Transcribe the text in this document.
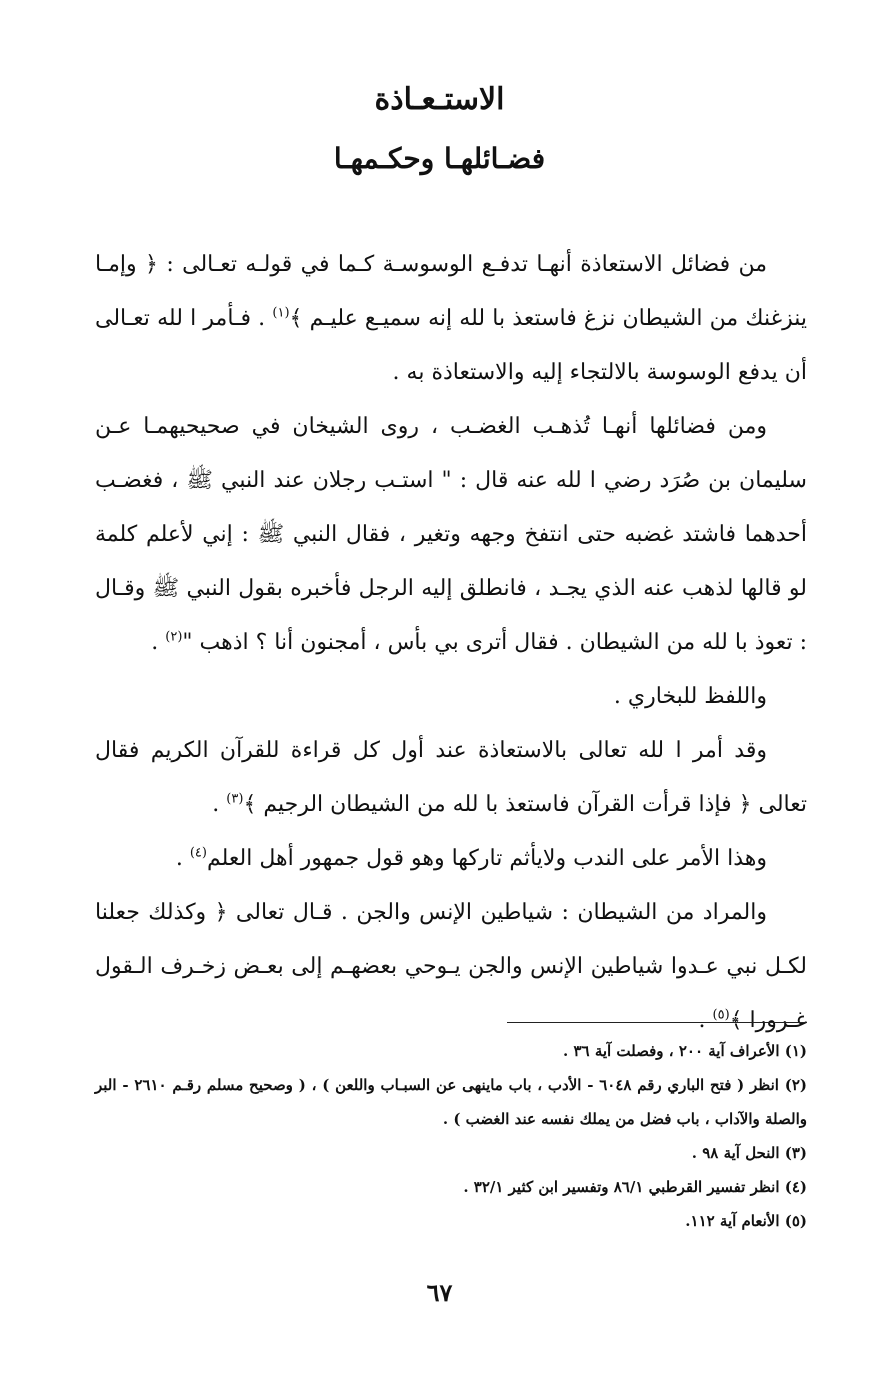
الاستـعـاذة
فضـائلهـا وحكـمهـا

من فضائل الاستعاذة أنهـا تدفـع الوسوسـة كـما في قولـه تعـالى : ﴿ وإمـا ينزغنك من الشيطان نزغ فاستعذ با لله إنه سميـع عليـم ﴾$^{(١)}$ . فـأمر ا لله تعـالى أن يدفع الوسوسة بالالتجاء إليه والاستعاذة به .

ومن فضائلها أنهـا تُذهـب الغضـب ، روى الشيخان في صحيحيهمـا عـن سليمان بن صُرَد رضي ا لله عنه قال : " استـب رجلان عند النبي ﷺ ، فغضـب أحدهما فاشتد غضبه حتى انتفخ وجهه وتغير ، فقال النبي ﷺ : إني لأعلم كلمة لو قالها لذهب عنه الذي يجـد ، فانطلق إليه الرجل فأخبره بقول النبي ﷺ وقـال : تعوذ با لله من الشيطان . فقال أترى بي بأس ، أمجنون أنا ؟ اذهب "$^{(٢)}$ .

واللفظ للبخاري .

وقد أمر ا لله تعالى بالاستعاذة عند أول كل قراءة للقرآن الكريم فقال تعالى ﴿ فإذا قرأت القرآن فاستعذ با لله من الشيطان الرجيم ﴾$^{(٣)}$ .

وهذا الأمر على الندب ولايأثم تاركها وهو قول جمهور أهل العلم$^{(٤)}$ .

والمراد من الشيطان : شياطين الإنس والجن . قـال تعالى ﴿ وكذلك جعلنا لكـل نبي عـدوا شياطين الإنس والجن يـوحي بعضهـم إلى بعـض زخـرف الـقول غـرورا ﴾$^{(٥)}$ .

(١) الأعراف آية ٢٠٠ ، وفصلت آية ٣٦ .

(٢) انظر ( فتح الباري رقم ٦٠٤٨ - الأدب ، باب ماينهى عن السبـاب واللعن ) ، ( وصحيح مسلم رقـم ٢٦١٠ - البر والصلة والآداب ، باب فضل من يملك نفسه عند الغضب ) .

(٣) النحل آية ٩٨ .

(٤) انظر تفسير القرطبي ٨٦/١ وتفسير ابن كثير ٣٢/١ .

(٥) الأنعام آية ١١٢.

٦٧
